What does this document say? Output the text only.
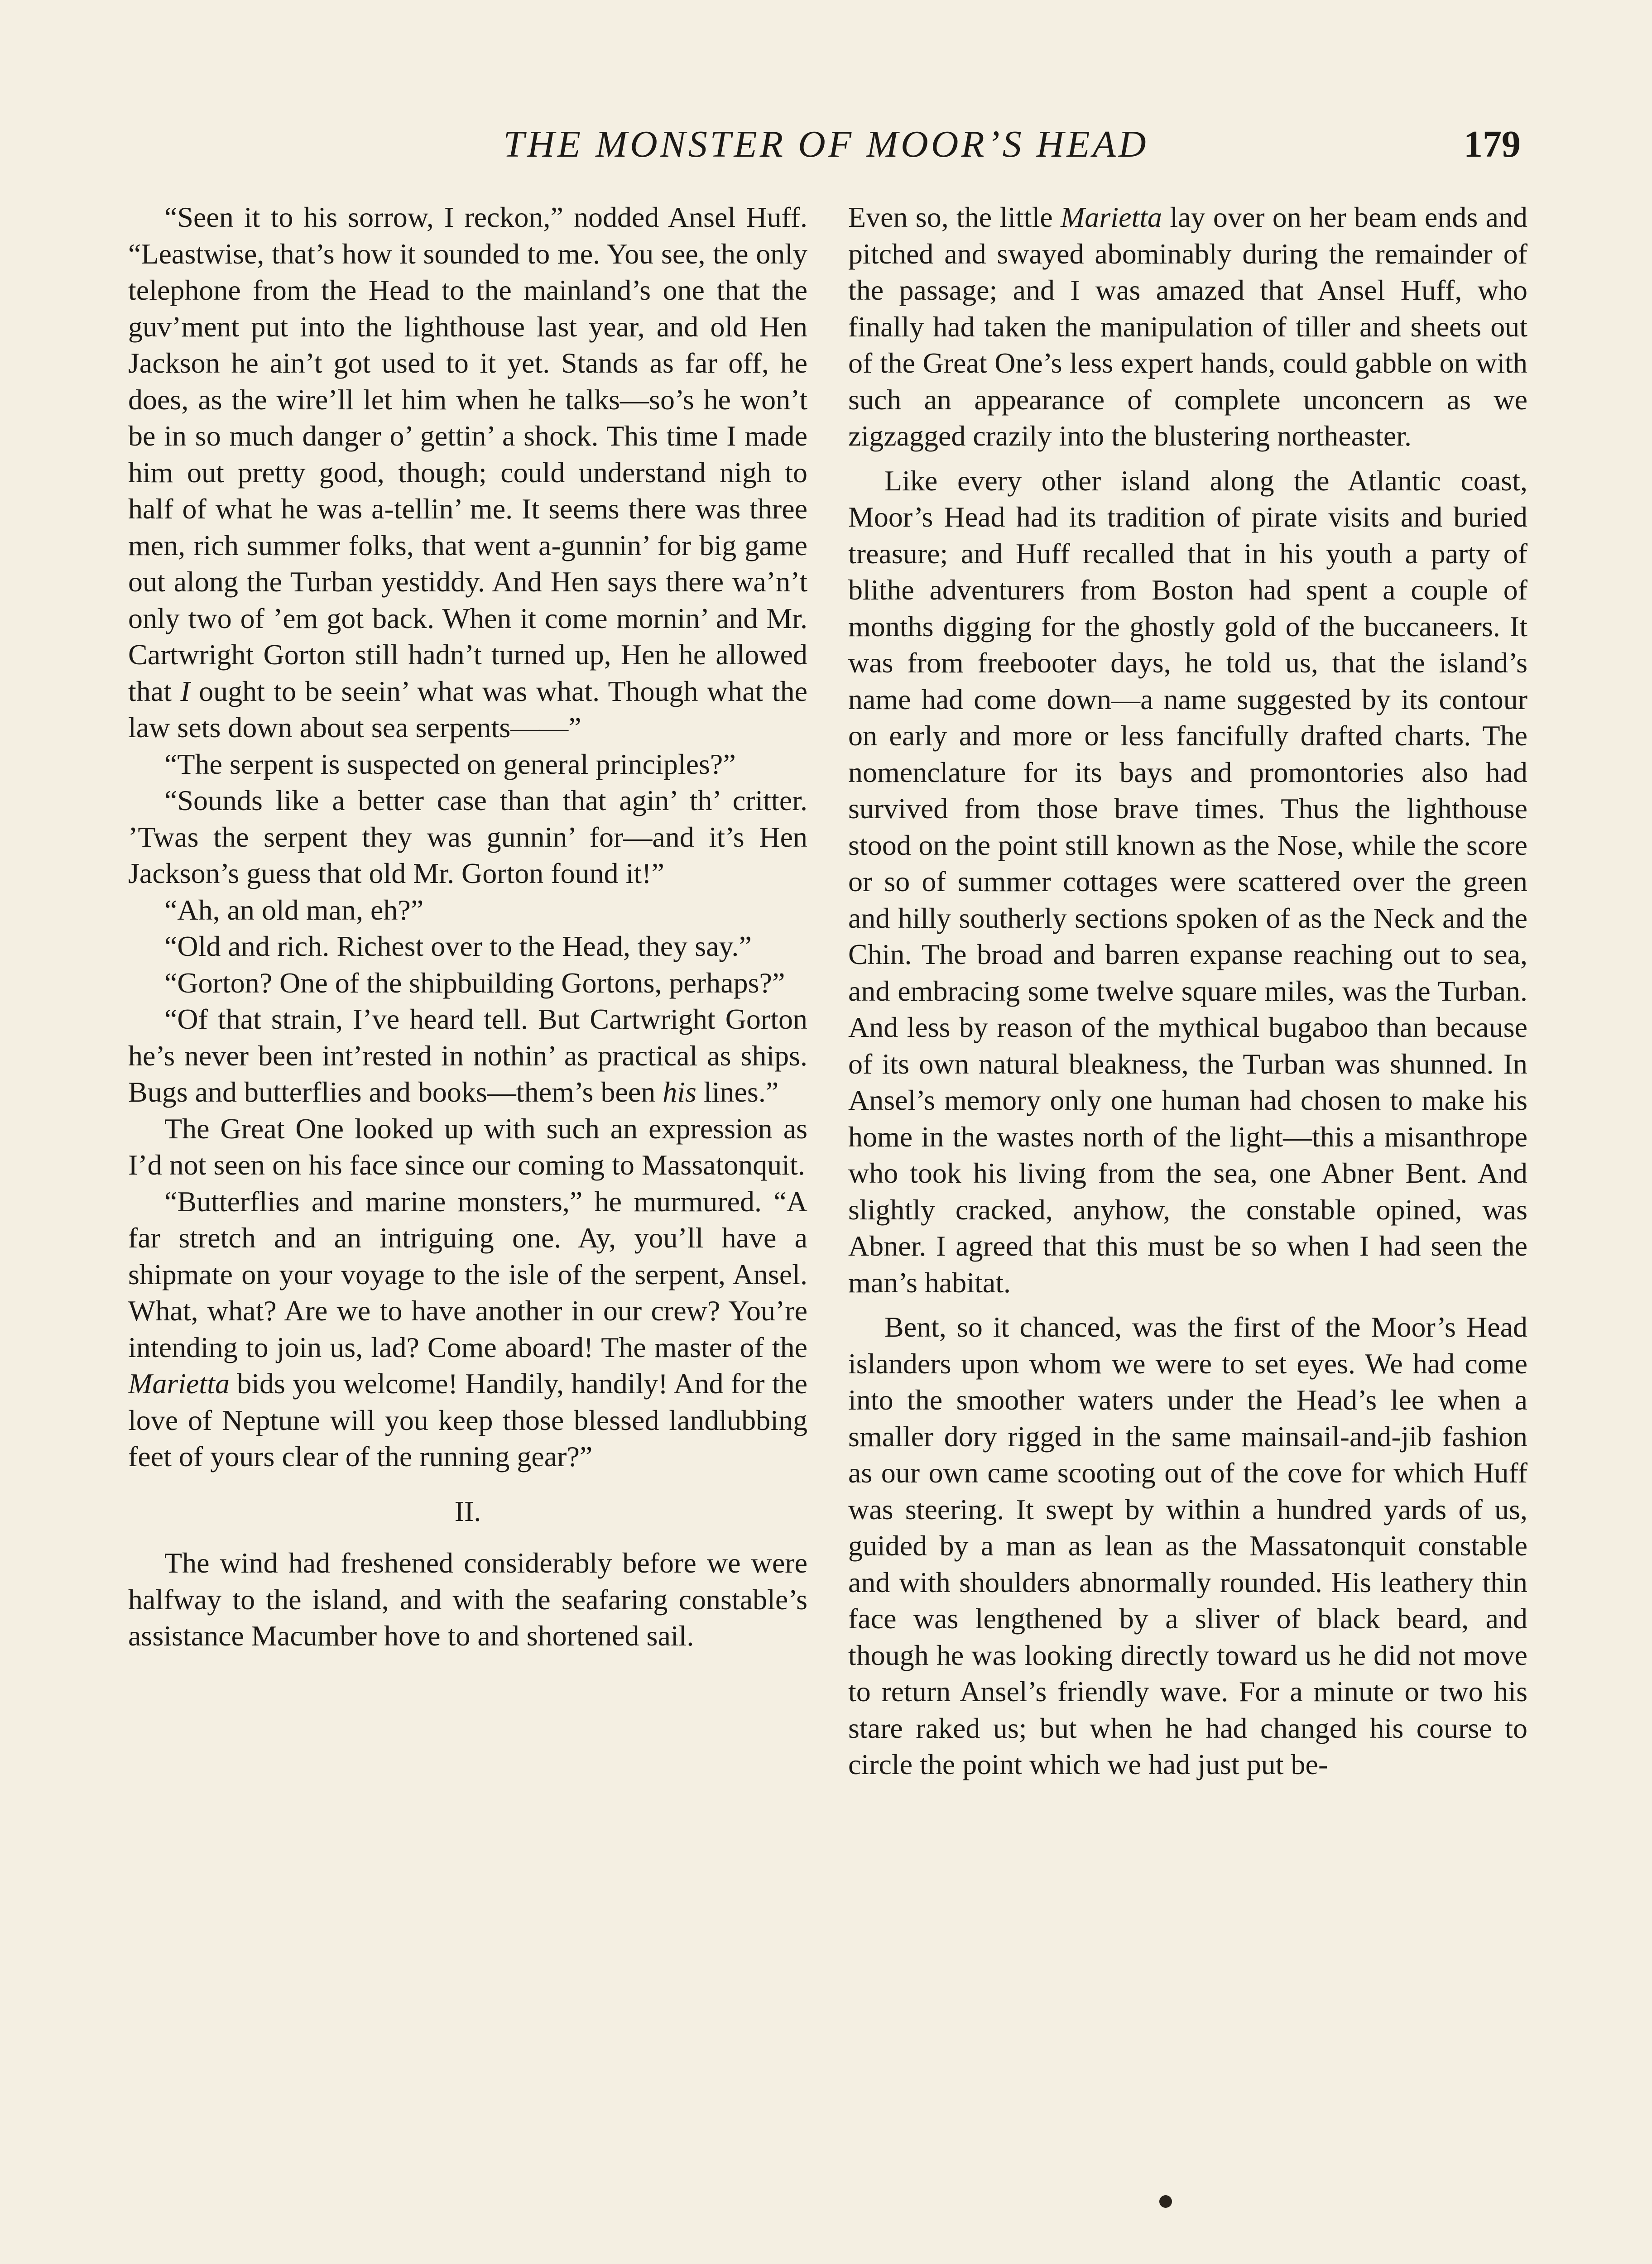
THE MONSTER OF MOOR’S HEAD	179

“Seen it to his sorrow, I reckon,” nodded Ansel Huff. “Leastwise, that’s how it sounded to me. You see, the only telephone from the Head to the mainland’s one that the guv’ment put into the lighthouse last year, and old Hen Jackson he ain’t got used to it yet. Stands as far off, he does, as the wire’ll let him when he talks—so’s he won’t be in so much danger o’ gettin’ a shock. This time I made him out pretty good, though; could understand nigh to half of what he was a-tellin’ me. It seems there was three men, rich summer folks, that went a-gunnin’ for big game out along the Turban yestiddy. And Hen says there wa’n’t only two of ’em got back. When it come mornin’ and Mr. Cartwright Gorton still hadn’t turned up, Hen he allowed that I ought to be seein’ what was what. Though what the law sets down about sea serpents——”

“The serpent is suspected on general principles?”

“Sounds like a better case than that agin’ th’ critter. ’Twas the serpent they was gunnin’ for—and it’s Hen Jackson’s guess that old Mr. Gorton found it!”

“Ah, an old man, eh?”

“Old and rich. Richest over to the Head, they say.”

“Gorton? One of the shipbuilding Gortons, perhaps?”

“Of that strain, I’ve heard tell. But Cartwright Gorton he’s never been int’rested in nothin’ as practical as ships. Bugs and butterflies and books—them’s been his lines.”

The Great One looked up with such an expression as I’d not seen on his face since our coming to Massatonquit.

“Butterflies and marine monsters,” he murmured. “A far stretch and an intriguing one. Ay, you’ll have a shipmate on your voyage to the isle of the serpent, Ansel. What, what? Are we to have another in our crew? You’re intending to join us, lad? Come aboard! The master of the Marietta bids you welcome! Handily, handily! And for the love of Neptune will you keep those blessed landlubbing feet of yours clear of the running gear?”

II.

The wind had freshened considerably before we were halfway to the island, and with the seafaring constable’s assistance Macumber hove to and shortened sail.

Even so, the little Marietta lay over on her beam ends and pitched and swayed abominably during the remainder of the passage; and I was amazed that Ansel Huff, who finally had taken the manipulation of tiller and sheets out of the Great One’s less expert hands, could gabble on with such an appearance of complete unconcern as we zigzagged crazily into the blustering northeaster.

Like every other island along the Atlantic coast, Moor’s Head had its tradition of pirate visits and buried treasure; and Huff recalled that in his youth a party of blithe adventurers from Boston had spent a couple of months digging for the ghostly gold of the buccaneers. It was from freebooter days, he told us, that the island’s name had come down—a name suggested by its contour on early and more or less fancifully drafted charts. The nomenclature for its bays and promontories also had survived from those brave times. Thus the lighthouse stood on the point still known as the Nose, while the score or so of summer cottages were scattered over the green and hilly southerly sections spoken of as the Neck and the Chin. The broad and barren expanse reaching out to sea, and embracing some twelve square miles, was the Turban. And less by reason of the mythical bugaboo than because of its own natural bleakness, the Turban was shunned. In Ansel’s memory only one human had chosen to make his home in the wastes north of the light—this a misanthrope who took his living from the sea, one Abner Bent. And slightly cracked, anyhow, the constable opined, was Abner. I agreed that this must be so when I had seen the man’s habitat.

Bent, so it chanced, was the first of the Moor’s Head islanders upon whom we were to set eyes. We had come into the smoother waters under the Head’s lee when a smaller dory rigged in the same mainsail-and-jib fashion as our own came scooting out of the cove for which Huff was steering. It swept by within a hundred yards of us, guided by a man as lean as the Massatonquit constable and with shoulders abnormally rounded. His leathery thin face was lengthened by a sliver of black beard, and though he was looking directly toward us he did not move to return Ansel’s friendly wave. For a minute or two his stare raked us; but when he had changed his course to circle the point which we had just put be-
